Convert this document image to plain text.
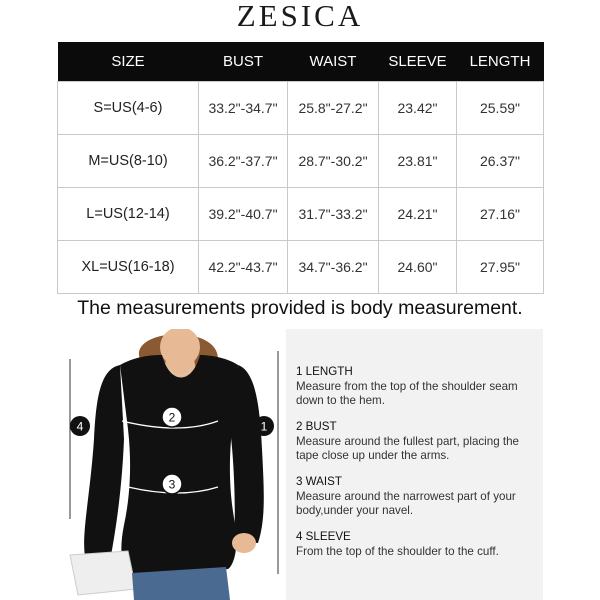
ZESICA
SIZE	BUST	WAIST	SLEEVE	LENGTH
S=US(4-6)	33.2"-34.7"	25.8"-27.2"	23.42"	25.59"
M=US(8-10)	36.2"-37.7"	28.7"-30.2"	23.81"	26.37"
L=US(12-14)	39.2"-40.7"	31.7"-33.2"	24.21"	27.16"
XL=US(16-18)	42.2"-43.7"	34.7"-36.2"	24.60"	27.95"
The measurements provided is body measurement.
1
2
3
4
1 LENGTH
Measure from the top of the shoulder seam down to the hem.
2 BUST
Measure around the fullest part, placing the tape close up under the arms.
3 WAIST
Measure around the narrowest part of your body,under your navel.
4 SLEEVE
From the top of the shoulder to the cuff.
